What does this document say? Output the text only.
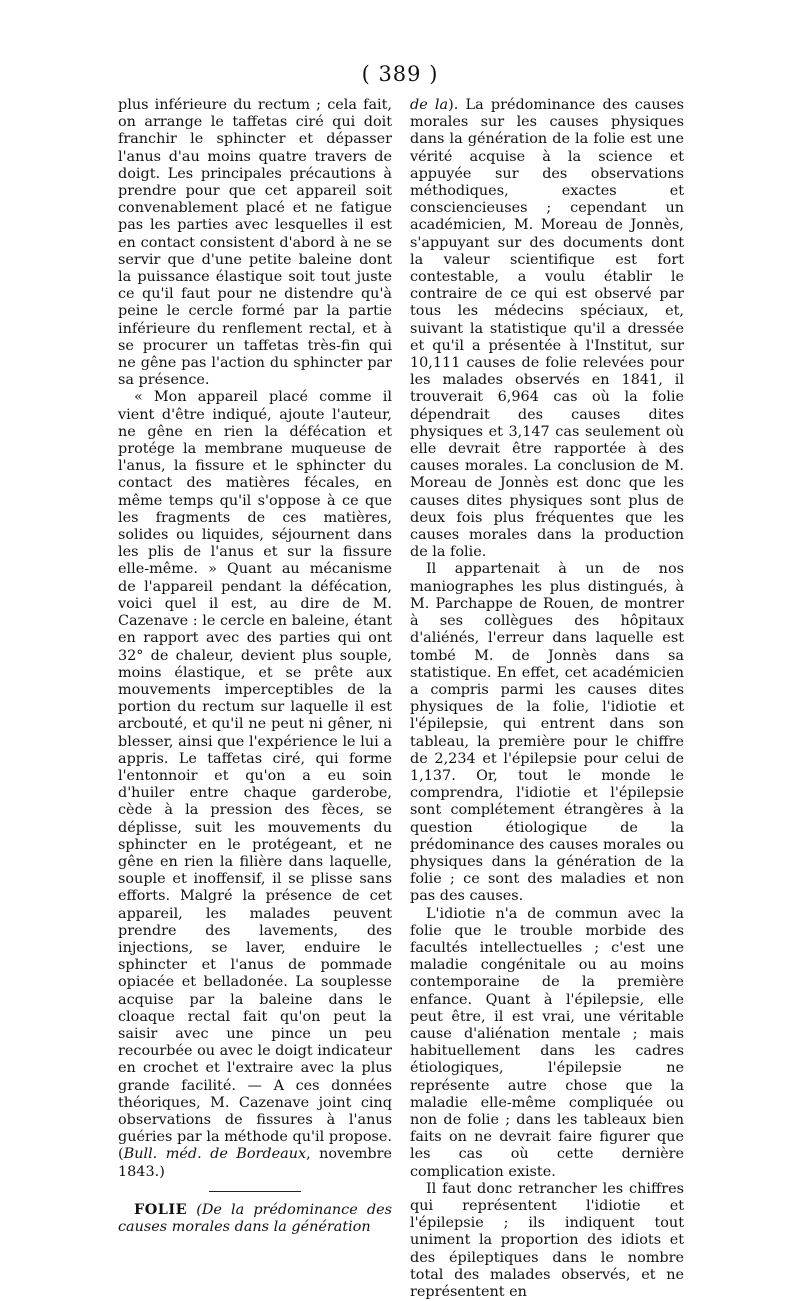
( 389 )

plus inférieure du rectum ; cela fait, on arrange le taffetas ciré qui doit franchir le sphincter et dépasser l'anus d'au moins quatre travers de doigt. Les principales précautions à prendre pour que cet appareil soit convenablement placé et ne fatigue pas les parties avec lesquelles il est en contact consistent d'abord à ne se servir que d'une petite baleine dont la puissance élastique soit tout juste ce qu'il faut pour ne distendre qu'à peine le cercle formé par la partie inférieure du renflement rectal, et à se procurer un taffetas très-fin qui ne gêne pas l'action du sphincter par sa présence.

« Mon appareil placé comme il vient d'être indiqué, ajoute l'auteur, ne gêne en rien la défécation et protége la membrane muqueuse de l'anus, la fissure et le sphincter du contact des matières fécales, en même temps qu'il s'oppose à ce que les fragments de ces matières, solides ou liquides, séjournent dans les plis de l'anus et sur la fissure elle-même. » Quant au mécanisme de l'appareil pendant la défécation, voici quel il est, au dire de M. Cazenave : le cercle en baleine, étant en rapport avec des parties qui ont 32° de chaleur, devient plus souple, moins élastique, et se prête aux mouvements imperceptibles de la portion du rectum sur laquelle il est arcbouté, et qu'il ne peut ni gêner, ni blesser, ainsi que l'expérience le lui a appris. Le taffetas ciré, qui forme l'entonnoir et qu'on a eu soin d'huiler entre chaque garderobe, cède à la pression des fèces, se déplisse, suit les mouvements du sphincter en le protégeant, et ne gêne en rien la filière dans laquelle, souple et inoffensif, il se plisse sans efforts. Malgré la présence de cet appareil, les malades peuvent prendre des lavements, des injections, se laver, enduire le sphincter et l'anus de pommade opiacée et belladonée. La souplesse acquise par la baleine dans le cloaque rectal fait qu'on peut la saisir avec une pince un peu recourbée ou avec le doigt indicateur en crochet et l'extraire avec la plus grande facilité. — A ces données théoriques, M. Cazenave joint cinq observations de fissures à l'anus guéries par la méthode qu'il propose. (Bull. méd. de Bordeaux, novembre 1843.)

FOLIE (De la prédominance des causes morales dans la génération

de la). La prédominance des causes morales sur les causes physiques dans la génération de la folie est une vérité acquise à la science et appuyée sur des observations méthodiques, exactes et consciencieuses ; cependant un académicien, M. Moreau de Jonnès, s'appuyant sur des documents dont la valeur scientifique est fort contestable, a voulu établir le contraire de ce qui est observé par tous les médecins spéciaux, et, suivant la statistique qu'il a dressée et qu'il a présentée à l'Institut, sur 10,111 causes de folie relevées pour les malades observés en 1841, il trouverait 6,964 cas où la folie dépendrait des causes dites physiques et 3,147 cas seulement où elle devrait être rapportée à des causes morales. La conclusion de M. Moreau de Jonnès est donc que les causes dites physiques sont plus de deux fois plus fréquentes que les causes morales dans la production de la folie.

Il appartenait à un de nos maniographes les plus distingués, à M. Parchappe de Rouen, de montrer à ses collègues des hôpitaux d'aliénés, l'erreur dans laquelle est tombé M. de Jonnès dans sa statistique. En effet, cet académicien a compris parmi les causes dites physiques de la folie, l'idiotie et l'épilepsie, qui entrent dans son tableau, la première pour le chiffre de 2,234 et l'épilepsie pour celui de 1,137. Or, tout le monde le comprendra, l'idiotie et l'épilepsie sont complétement étrangères à la question étiologique de la prédominance des causes morales ou physiques dans la génération de la folie ; ce sont des maladies et non pas des causes.

L'idiotie n'a de commun avec la folie que le trouble morbide des facultés intellectuelles ; c'est une maladie congénitale ou au moins contemporaine de la première enfance. Quant à l'épilepsie, elle peut être, il est vrai, une véritable cause d'aliénation mentale ; mais habituellement dans les cadres étiologiques, l'épilepsie ne représente autre chose que la maladie elle-même compliquée ou non de folie ; dans les tableaux bien faits on ne devrait faire figurer que les cas où cette dernière complication existe.

Il faut donc retrancher les chiffres qui représentent l'idiotie et l'épilepsie ; ils indiquent tout uniment la proportion des idiots et des épileptiques dans le nombre total des malades observés, et ne représentent en
